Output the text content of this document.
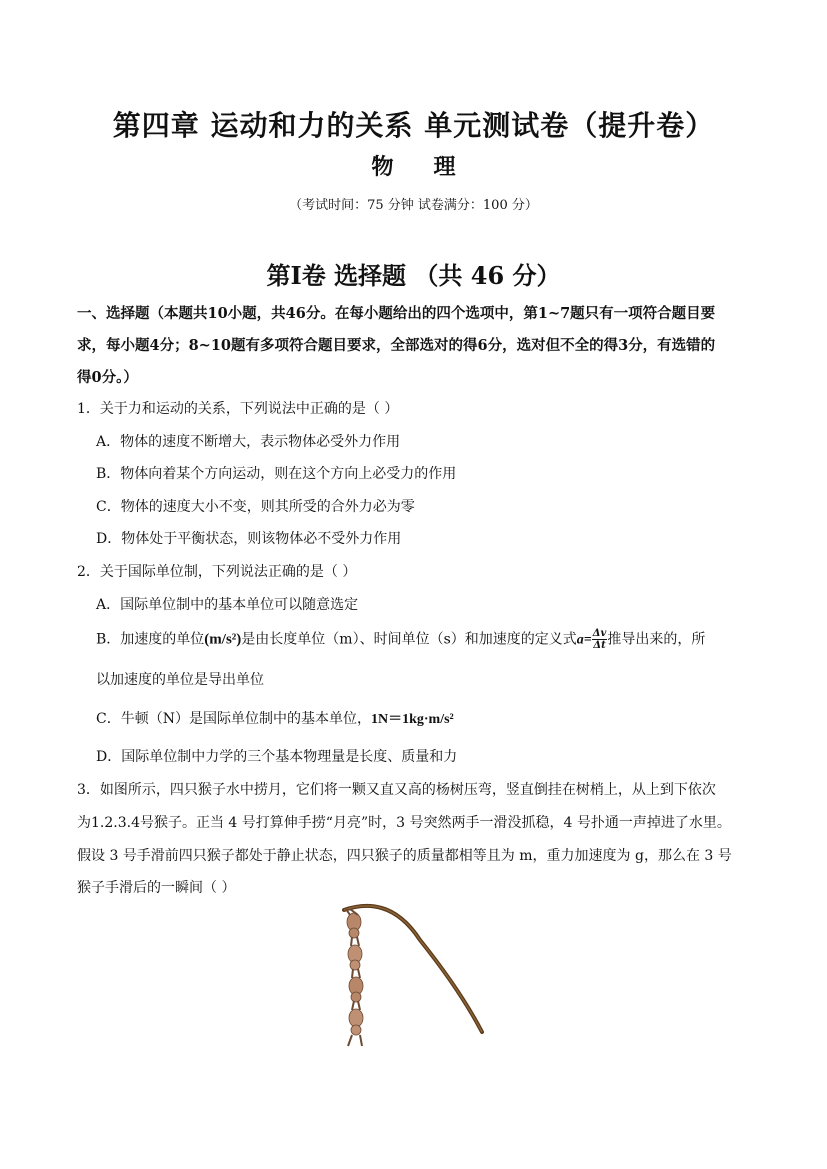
第四章 运动和力的关系 单元测试卷（提升卷）
物理
（考试时间：75 分钟 试卷满分：100 分）
第Ⅰ卷 选择题 （共 46 分）
一、选择题（本题共10小题，共46分。在每小题给出的四个选项中，第1~7题只有一项符合题目要
求，每小题4分；8~10题有多项符合题目要求，全部选对的得6分，选对但不全的得3分，有选错的
得0分。）
1．关于力和运动的关系，下列说法中正确的是（ ）
A．物体的速度不断增大，表示物体必受外力作用
B．物体向着某个方向运动，则在这个方向上必受力的作用
C．物体的速度大小不变，则其所受的合外力必为零
D．物体处于平衡状态，则该物体必不受外力作用
2．关于国际单位制，下列说法正确的是（ ）
A．国际单位制中的基本单位可以随意选定
B．加速度的单位(m/s²)是由长度单位（m）、时间单位（s）和加速度的定义式$a= \frac{\Delta v}{\Delta t}$ 推导出来的，所
以加速度的单位是导出单位
C．牛顿（N）是国际单位制中的基本单位，1N＝1kg·m/s²
D．国际单位制中力学的三个基本物理量是长度、质量和力
3．如图所示，四只猴子水中捞月，它们将一颗又直又高的杨树压弯，竖直倒挂在树梢上，从上到下依次
为1.2.3.4号猴子。正当 4 号打算伸手捞“月亮”时，3 号突然两手一滑没抓稳，4 号扑通一声掉进了水里。
假设 3 号手滑前四只猴子都处于静止状态，四只猴子的质量都相等且为 m，重力加速度为 g，那么在 3 号
猴子手滑后的一瞬间（ ）
